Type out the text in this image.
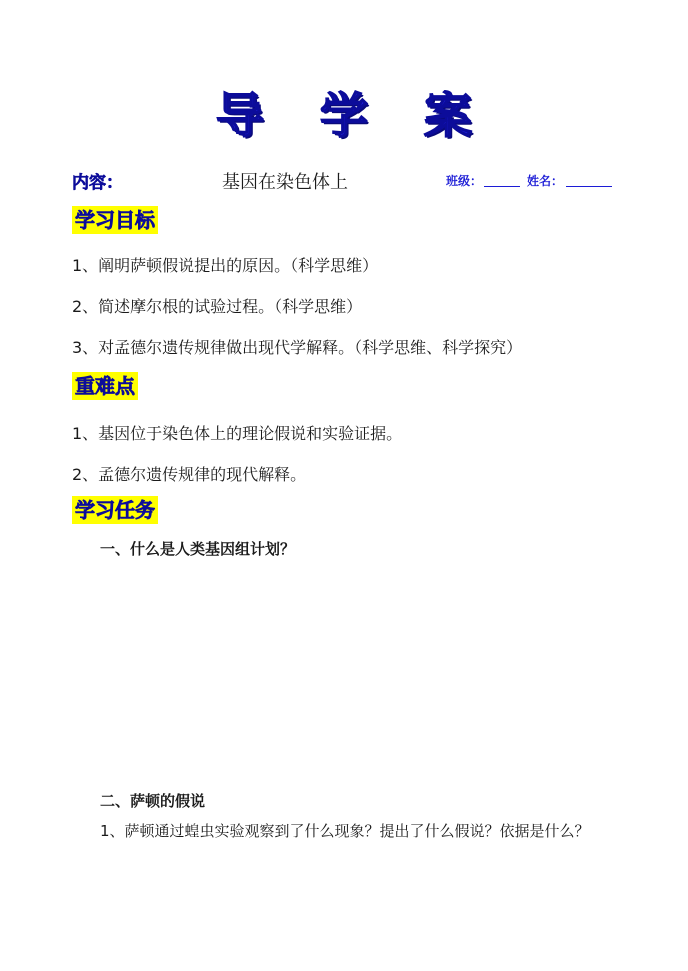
导 学 案
内容：	基因在染色体上	班级：	姓名：
学习目标
1、阐明萨顿假说提出的原因。（科学思维）
2、简述摩尔根的试验过程。（科学思维）
3、对孟德尔遗传规律做出现代学解释。（科学思维、科学探究）
重难点
1、基因位于染色体上的理论假说和实验证据。
2、孟德尔遗传规律的现代解释。
学习任务
一、什么是人类基因组计划？
二、萨顿的假说
1、萨顿通过蝗虫实验观察到了什么现象？提出了什么假说？依据是什么？
